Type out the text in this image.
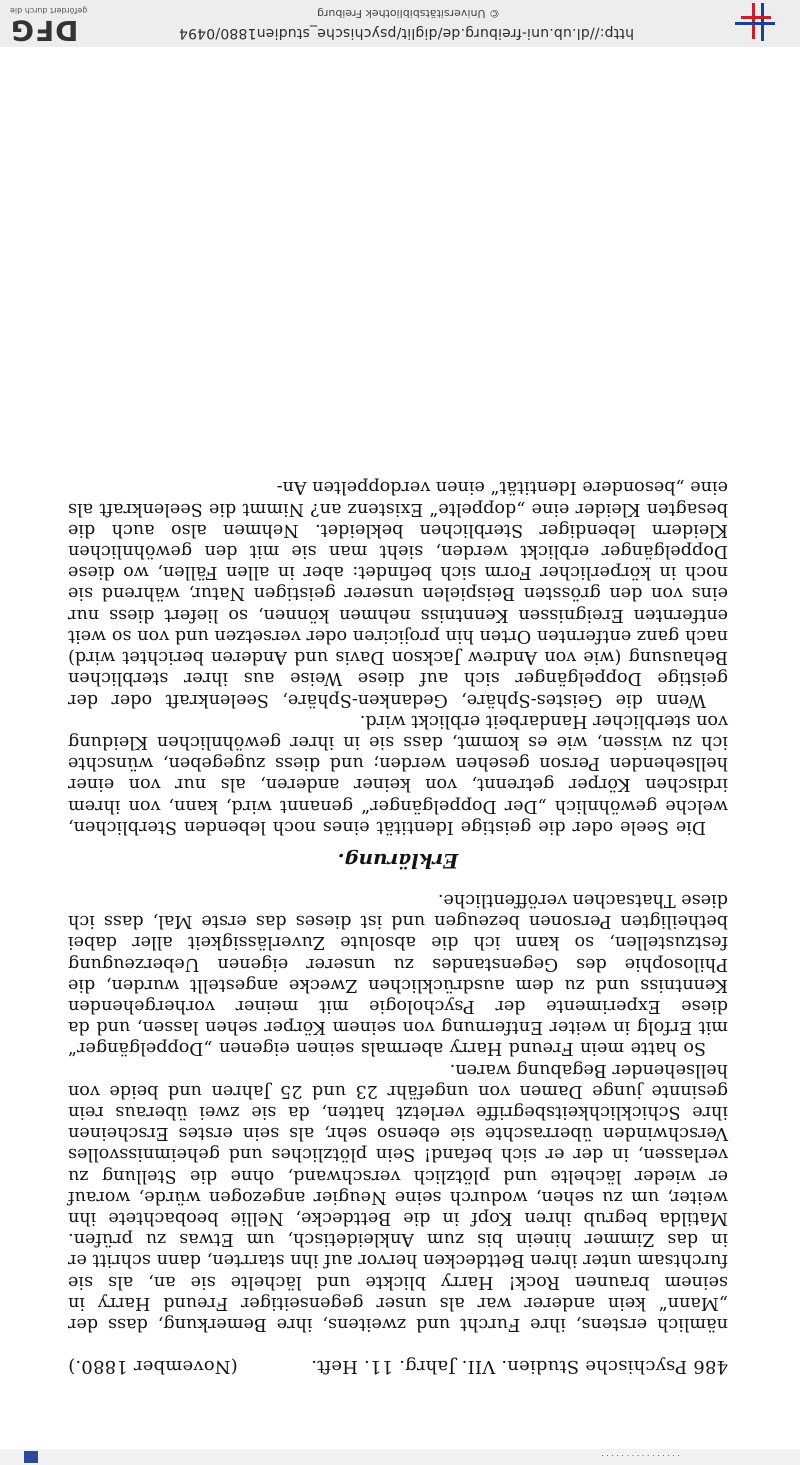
. . . . . . . . . . . . . . . .
486 Psychische Studien. VII. Jahrg. 11. Heft.
(November 1880.)

nämlich erstens, ihre Furcht und zweitens, ihre Bemerkung, dass der „Mann“ kein anderer war als unser gegenseitiger Freund Harry in seinem braunen Rock! Harry blickte und lächelte sie an, als sie furchtsam unter ihren Bettdecken hervor auf ihn starrten, dann schritt er in das Zimmer hinein bis zum Ankleidetisch, um Etwas zu prüfen. Matilda begrub ihren Kopf in die Bettdecke, Nellie beobachtete ihn weiter, um zu sehen, wodurch seine Neugier angezogen würde, worauf er wieder lächelte und plötzlich verschwand, ohne die Stellung zu verlassen, in der er sich befand! Sein plötzliches und geheimnissvolles Verschwinden überraschte sie ebenso sehr, als sein erstes Erscheinen ihre Schicklichkeitsbegriffe verletzt hatten, da sie zwei überaus rein gesinnte junge Damen von ungefähr 23 und 25 Jahren und beide von hellsehender Begabung waren.

So hatte mein Freund Harry abermals seinen eigenen „Doppelgänger“ mit Erfolg in weiter Entfernung von seinem Körper sehen lassen, und da diese Experimente der Psychologie mit meiner vorhergehenden Kenntniss und zu dem ausdrücklichen Zwecke angestellt wurden, die Philosophie des Gegenstandes zu unserer eigenen Ueberzeugung festzustellen, so kann ich die absolute Zuverlässigkeit aller dabei betheiligten Personen bezeugen und ist dieses das erste Mal, dass ich diese Thatsachen veröffentliche.

Erklärung.

Die Seele oder die geistige Identität eines noch lebenden Sterblichen, welche gewöhnlich „Der Doppelgänger“ genannt wird, kann, von ihrem irdischen Körper getrennt, von keiner anderen, als nur von einer hellsehenden Person gesehen werden; und diess zugegeben, wünschte ich zu wissen, wie es kommt, dass sie in ihrer gewöhnlichen Kleidung von sterblicher Handarbeit erblickt wird.

Wenn die Geistes-Sphäre, Gedanken-Sphäre, Seelenkraft oder der geistige Doppelgänger sich auf diese Weise aus ihrer sterblichen Behausung (wie von Andrew Jackson Davis und Anderen berichtet wird) nach ganz entfernten Orten hin projiciren oder versetzen und von so weit entfernten Ereignissen Kenntniss nehmen können, so liefert diess nur eins von den grössten Beispielen unserer geistigen Natur, während sie noch in körperlicher Form sich befindet: aber in allen Fällen, wo diese Doppelgänger erblickt werden, sieht man sie mit den gewöhnlichen Kleidern lebendiger Sterblichen bekleidet. Nehmen also auch die besagten Kleider eine „doppelte“ Existenz an? Nimmt die Seelenkraft als eine „besondere Identität“ einen verdoppelten An-

http://dl.ub.uni-freiburg.de/diglit/psychische_studien1880/0494
© Universitätsbibliothek Freiburg
DFG
gefördert durch die
